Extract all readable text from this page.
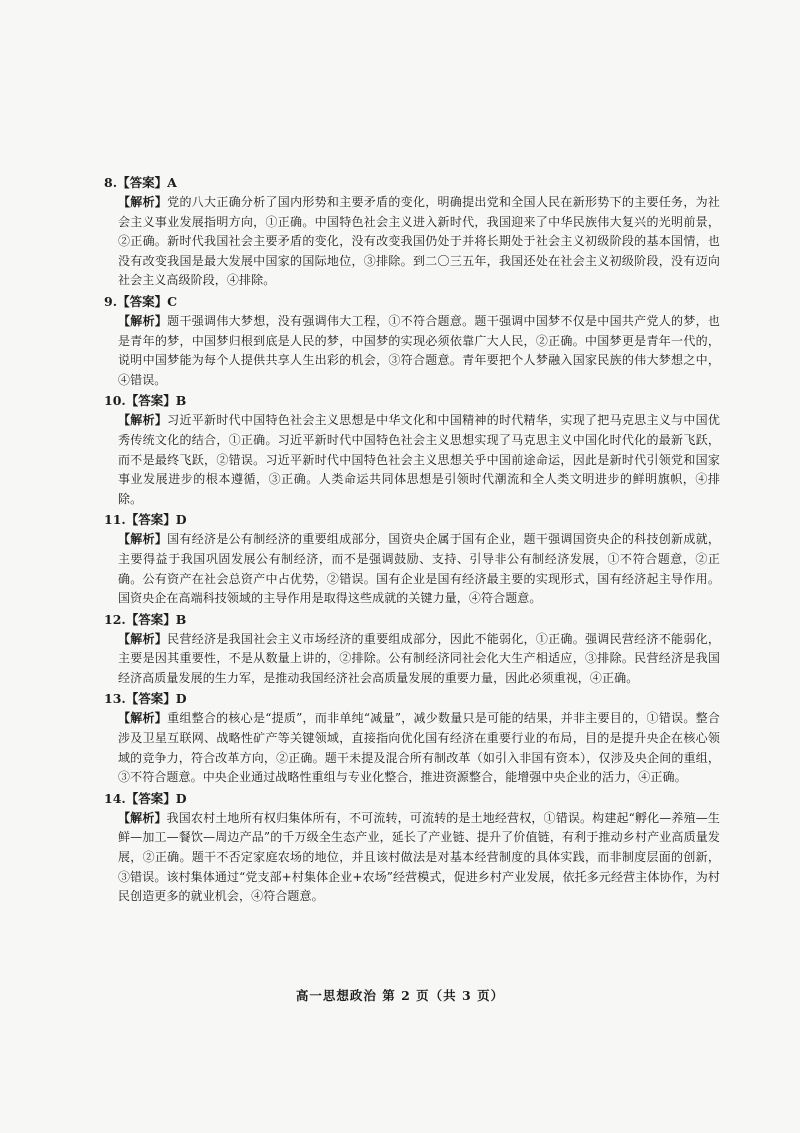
8.【答案】A

【解析】党的八大正确分析了国内形势和主要矛盾的变化，明确提出党和全国人民在新形势下的主要任务，为社会主义事业发展指明方向，①正确。中国特色社会主义进入新时代，我国迎来了中华民族伟大复兴的光明前景，②正确。新时代我国社会主要矛盾的变化，没有改变我国仍处于并将长期处于社会主义初级阶段的基本国情，也没有改变我国是最大发展中国家的国际地位，③排除。到二〇三五年，我国还处在社会主义初级阶段，没有迈向社会主义高级阶段，④排除。

9.【答案】C

【解析】题干强调伟大梦想，没有强调伟大工程，①不符合题意。题干强调中国梦不仅是中国共产党人的梦，也是青年的梦，中国梦归根到底是人民的梦，中国梦的实现必须依靠广大人民，②正确。中国梦更是青年一代的，说明中国梦能为每个人提供共享人生出彩的机会，③符合题意。青年要把个人梦融入国家民族的伟大梦想之中，④错误。

10.【答案】B

【解析】习近平新时代中国特色社会主义思想是中华文化和中国精神的时代精华，实现了把马克思主义与中国优秀传统文化的结合，①正确。习近平新时代中国特色社会主义思想实现了马克思主义中国化时代化的最新飞跃，而不是最终飞跃，②错误。习近平新时代中国特色社会主义思想关乎中国前途命运，因此是新时代引领党和国家事业发展进步的根本遵循，③正确。人类命运共同体思想是引领时代潮流和全人类文明进步的鲜明旗帜，④排除。

11.【答案】D

【解析】国有经济是公有制经济的重要组成部分，国资央企属于国有企业，题干强调国资央企的科技创新成就，主要得益于我国巩固发展公有制经济，而不是强调鼓励、支持、引导非公有制经济发展，①不符合题意，②正确。公有资产在社会总资产中占优势，②错误。国有企业是国有经济最主要的实现形式，国有经济起主导作用。国资央企在高端科技领域的主导作用是取得这些成就的关键力量，④符合题意。

12.【答案】B

【解析】民营经济是我国社会主义市场经济的重要组成部分，因此不能弱化，①正确。强调民营经济不能弱化，主要是因其重要性，不是从数量上讲的，②排除。公有制经济同社会化大生产相适应，③排除。民营经济是我国经济高质量发展的生力军，是推动我国经济社会高质量发展的重要力量，因此必须重视，④正确。

13.【答案】D

【解析】重组整合的核心是“提质”，而非单纯“减量”，减少数量只是可能的结果，并非主要目的，①错误。整合涉及卫星互联网、战略性矿产等关键领域，直接指向优化国有经济在重要行业的布局，目的是提升央企在核心领域的竞争力，符合改革方向，②正确。题干未提及混合所有制改革（如引入非国有资本），仅涉及央企间的重组，③不符合题意。中央企业通过战略性重组与专业化整合，推进资源整合，能增强中央企业的活力，④正确。

14.【答案】D

【解析】我国农村土地所有权归集体所有，不可流转，可流转的是土地经营权，①错误。构建起“孵化—养殖—生鲜—加工—餐饮—周边产品”的千万级全生态产业，延长了产业链、提升了价值链，有利于推动乡村产业高质量发展，②正确。题干不否定家庭农场的地位，并且该村做法是对基本经营制度的具体实践，而非制度层面的创新，③错误。该村集体通过“党支部+村集体企业+农场”经营模式，促进乡村产业发展，依托多元经营主体协作，为村民创造更多的就业机会，④符合题意。

高一思想政治 第 2 页（共 3 页）
